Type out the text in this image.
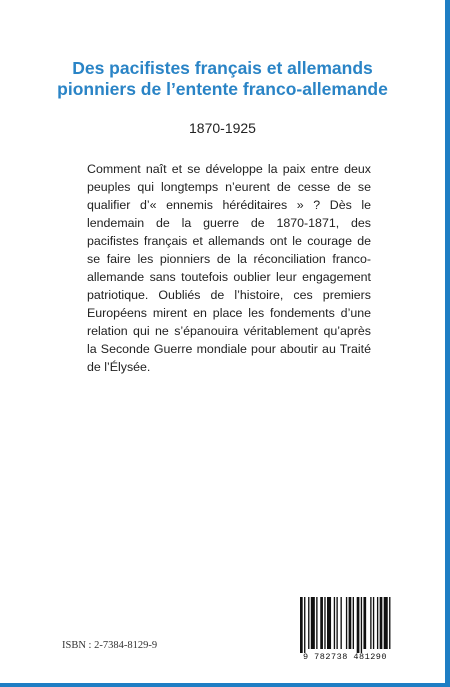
Des pacifistes français et allemands
pionniers de l’entente franco-allemande
1870-1925

Comment naît et se développe la paix entre deux peuples qui longtemps n’eurent de cesse de se qualifier d’« ennemis héréditaires » ? Dès le lendemain de la guerre de 1870-1871, des pacifistes français et allemands ont le courage de se faire les pionniers de la réconciliation franco-allemande sans toutefois oublier leur engagement patriotique. Oubliés de l’histoire, ces premiers Européens mirent en place les fondements d’une relation qui ne s’épanouira véritablement qu’après la Seconde Guerre mondiale pour aboutir au Traité de l’Élysée.

ISBN : 2-7384-8129-9
9 782738 481290
